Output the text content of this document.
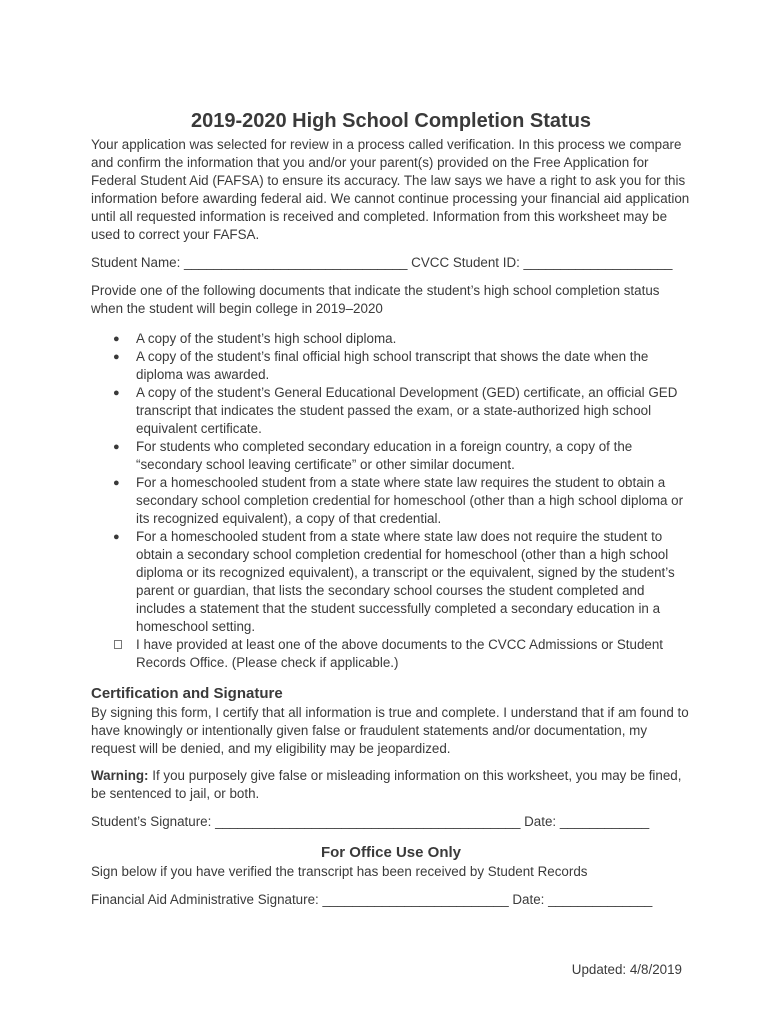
2019-2020 High School Completion Status

Your application was selected for review in a process called verification. In this process we compare and confirm the information that you and/or your parent(s) provided on the Free Application for Federal Student Aid (FAFSA) to ensure its accuracy. The law says we have a right to ask you for this information before awarding federal aid. We cannot continue processing your financial aid application until all requested information is received and completed. Information from this worksheet may be used to correct your FAFSA.

Student Name: ______________________________ CVCC Student ID: ____________________

Provide one of the following documents that indicate the student’s high school completion status when the student will begin college in 2019–2020

● A copy of the student’s high school diploma.
● A copy of the student’s final official high school transcript that shows the date when the diploma was awarded.
● A copy of the student’s General Educational Development (GED) certificate, an official GED transcript that indicates the student passed the exam, or a state-authorized high school equivalent certificate.
● For students who completed secondary education in a foreign country, a copy of the “secondary school leaving certificate” or other similar document.
● For a homeschooled student from a state where state law requires the student to obtain a secondary school completion credential for homeschool (other than a high school diploma or its recognized equivalent), a copy of that credential.
● For a homeschooled student from a state where state law does not require the student to obtain a secondary school completion credential for homeschool (other than a high school diploma or its recognized equivalent), a transcript or the equivalent, signed by the student’s parent or guardian, that lists the secondary school courses the student completed and includes a statement that the student successfully completed a secondary education in a homeschool setting.
I have provided at least one of the above documents to the CVCC Admissions or Student Records Office. (Please check if applicable.)
Certification and Signature

By signing this form, I certify that all information is true and complete. I understand that if am found to have knowingly or intentionally given false or fraudulent statements and/or documentation, my request will be denied, and my eligibility may be jeopardized.

Warning: If you purposely give false or misleading information on this worksheet, you may be fined, be sentenced to jail, or both.

Student’s Signature: _________________________________________ Date: ____________

For Office Use Only

Sign below if you have verified the transcript has been received by Student Records

Financial Aid Administrative Signature: _________________________ Date: ______________

Updated: 4/8/2019
